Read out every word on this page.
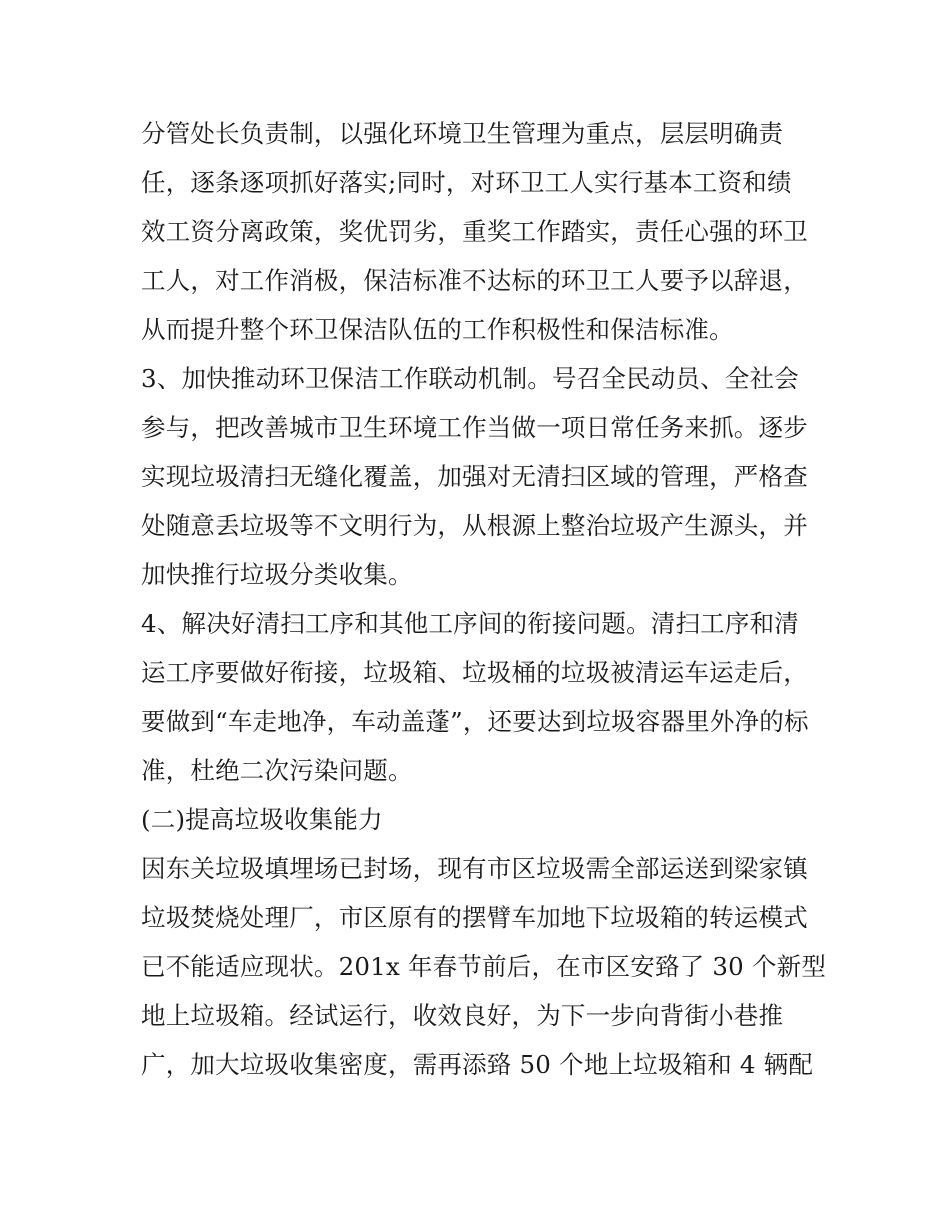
分管处长负责制，以强化环境卫生管理为重点，层层明确责
任，逐条逐项抓好落实;同时，对环卫工人实行基本工资和绩
效工资分离政策，奖优罚劣，重奖工作踏实，责任心强的环卫
工人，对工作消极，保洁标准不达标的环卫工人要予以辞退，
从而提升整个环卫保洁队伍的工作积极性和保洁标准。
3、加快推动环卫保洁工作联动机制。号召全民动员、全社会
参与，把改善城市卫生环境工作当做一项日常任务来抓。逐步
实现垃圾清扫无缝化覆盖，加强对无清扫区域的管理，严格查
处随意丢垃圾等不文明行为，从根源上整治垃圾产生源头，并
加快推行垃圾分类收集。
4、解决好清扫工序和其他工序间的衔接问题。清扫工序和清
运工序要做好衔接，垃圾箱、垃圾桶的垃圾被清运车运走后，
要做到“车走地净，车动盖蓬”，还要达到垃圾容器里外净的标
准，杜绝二次污染问题。
(二)提高垃圾收集能力
因东关垃圾填埋场已封场，现有市区垃圾需全部运送到梁家镇
垃圾焚烧处理厂，市区原有的摆臂车加地下垃圾箱的转运模式
已不能适应现状。201x 年春节前后，在市区安臵了 30 个新型
地上垃圾箱。经试运行，收效良好，为下一步向背街小巷推
广，加大垃圾收集密度，需再添臵 50 个地上垃圾箱和 4 辆配
